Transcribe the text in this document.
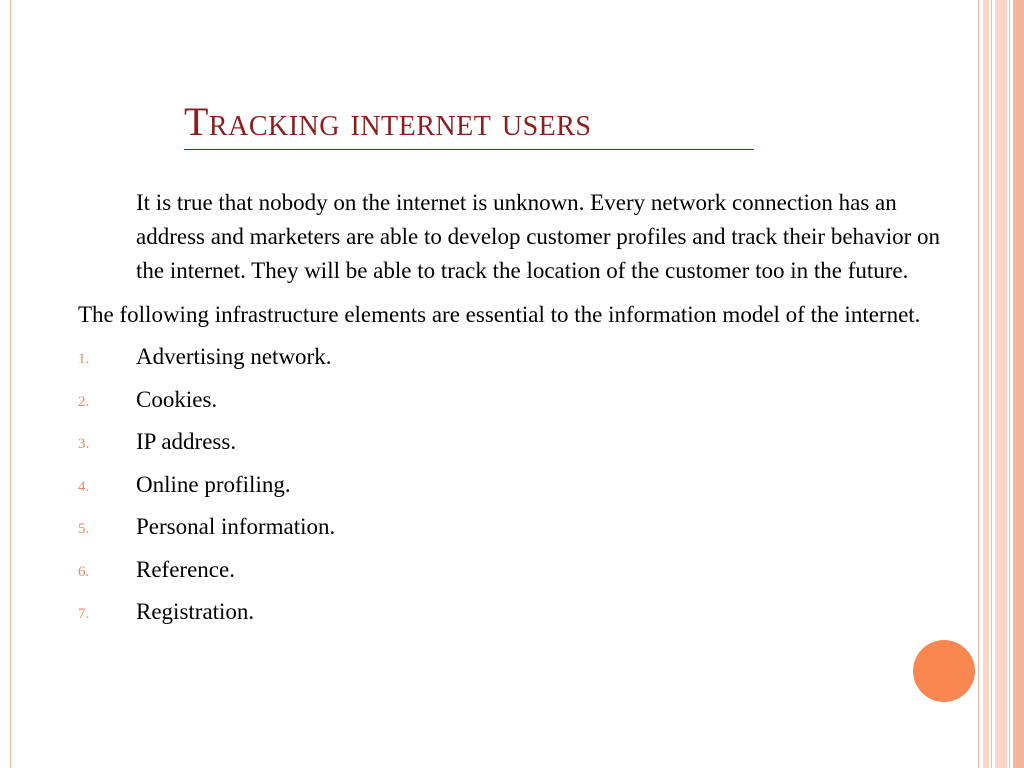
Tracking internet users

It is true that nobody on the internet is unknown. Every network connection has an address and marketers are able to develop customer profiles and track their behavior on the internet. They will be able to track the location of the customer too in the future.

The following infrastructure elements are essential to the information model of the internet.

1.	Advertising network.
2.	Cookies.
3.	IP address.
4.	Online profiling.
5.	Personal information.
6.	Reference.
7.	Registration.
